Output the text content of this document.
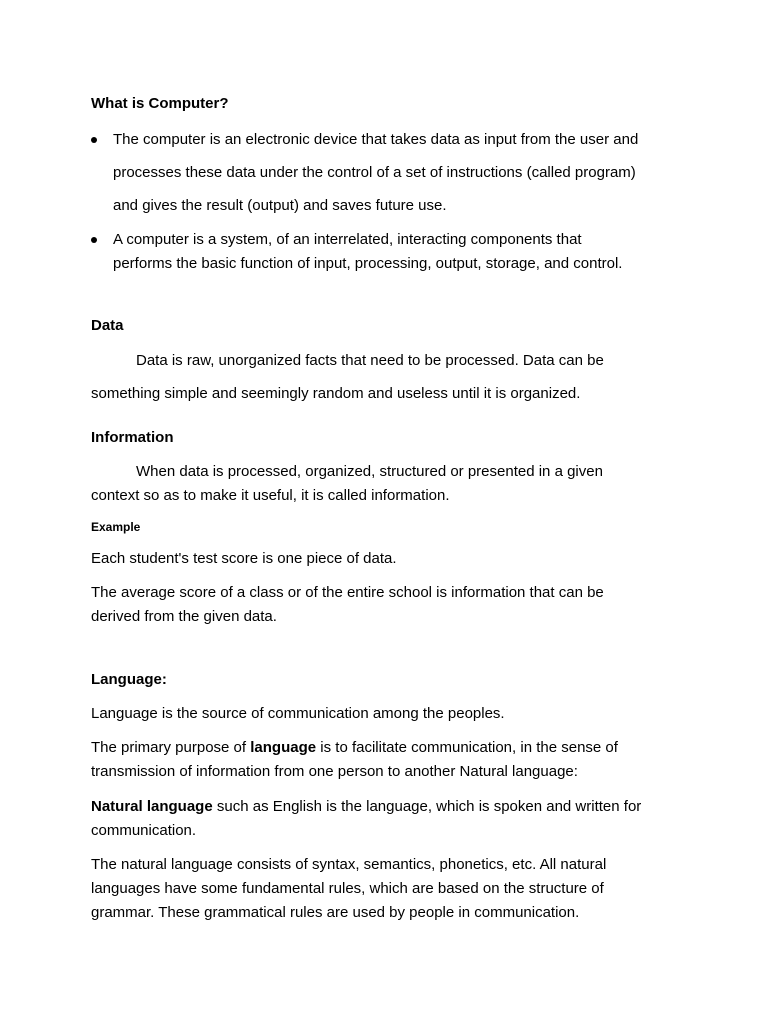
What is Computer?
The computer is an electronic device that takes data as input from the user and
processes these data under the control of a set of instructions (called program)
and gives the result (output) and saves future use.
A computer is a system, of an interrelated, interacting components that
performs the basic function of input, processing, output, storage, and control.
Data
Data is raw, unorganized facts that need to be processed. Data can be
something simple and seemingly random and useless until it is organized.
Information
When data is processed, organized, structured or presented in a given
context so as to make it useful, it is called information.
Example
Each student's test score is one piece of data.
The average score of a class or of the entire school is information that can be
derived from the given data.
Language:
Language is the source of communication among the peoples.
The primary purpose of language is to facilitate communication, in the sense of
transmission of information from one person to another Natural language:
Natural language such as English is the language, which is spoken and written for
communication.
The natural language consists of syntax, semantics, phonetics, etc. All natural
languages have some fundamental rules, which are based on the structure of
grammar. These grammatical rules are used by people in communication.
